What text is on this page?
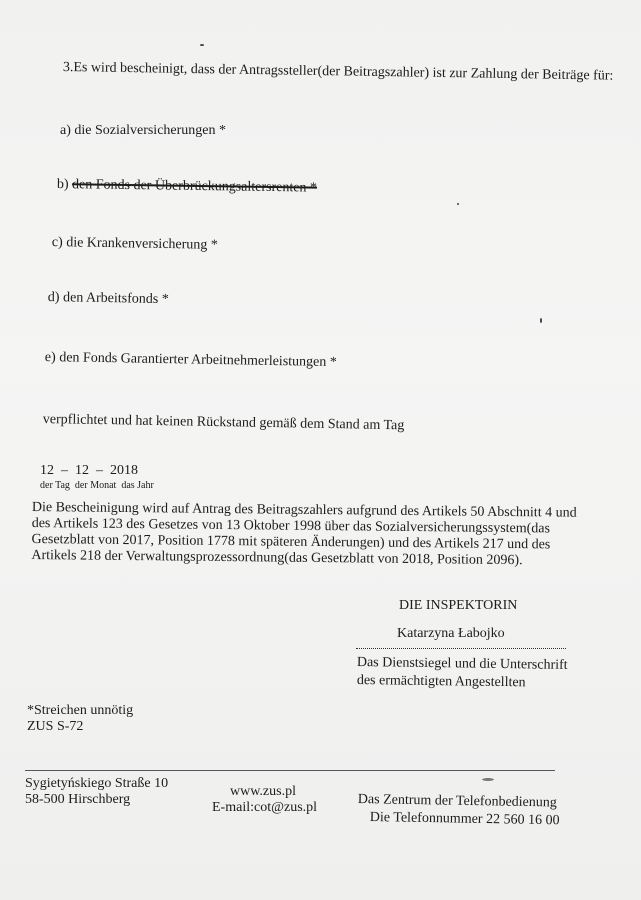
3.Es wird bescheinigt, dass der Antragssteller(der Beitragszahler) ist zur Zahlung der Beiträge für:
a) die Sozialversicherungen *
b) den Fonds der Überbrückungsaltersrenten *
c) die Krankenversicherung *
d) den Arbeitsfonds *
e) den Fonds Garantierter Arbeitnehmerleistungen *
verpflichtet und hat keinen Rückstand gemäß dem Stand am Tag
12  –  12  –  2018
der Tag  der Monat  das Jahr
Die Bescheinigung wird auf Antrag des Beitragszahlers aufgrund des Artikels 50 Abschnitt 4 und des Artikels 123 des Gesetzes von 13 Oktober 1998 über das Sozialversicherungssystem(das Gesetzblatt von 2017, Position 1778 mit späteren Änderungen) und des Artikels 217 und des Artikels 218 der Verwaltungsprozessordnung(das Gesetzblatt von 2018, Position 2096).
DIE INSPEKTORIN
Katarzyna Łabojko
Das Dienstsiegel und die Unterschrift
des ermächtigten Angestellten
*Streichen unnötig
ZUS S-72
Sygietyńskiego Straße 10
58-500 Hirschberg
www.zus.pl
E-mail:cot@zus.pl	Das Zentrum der Telefonbedienung
Die Telefonnummer 22 560 16 00
